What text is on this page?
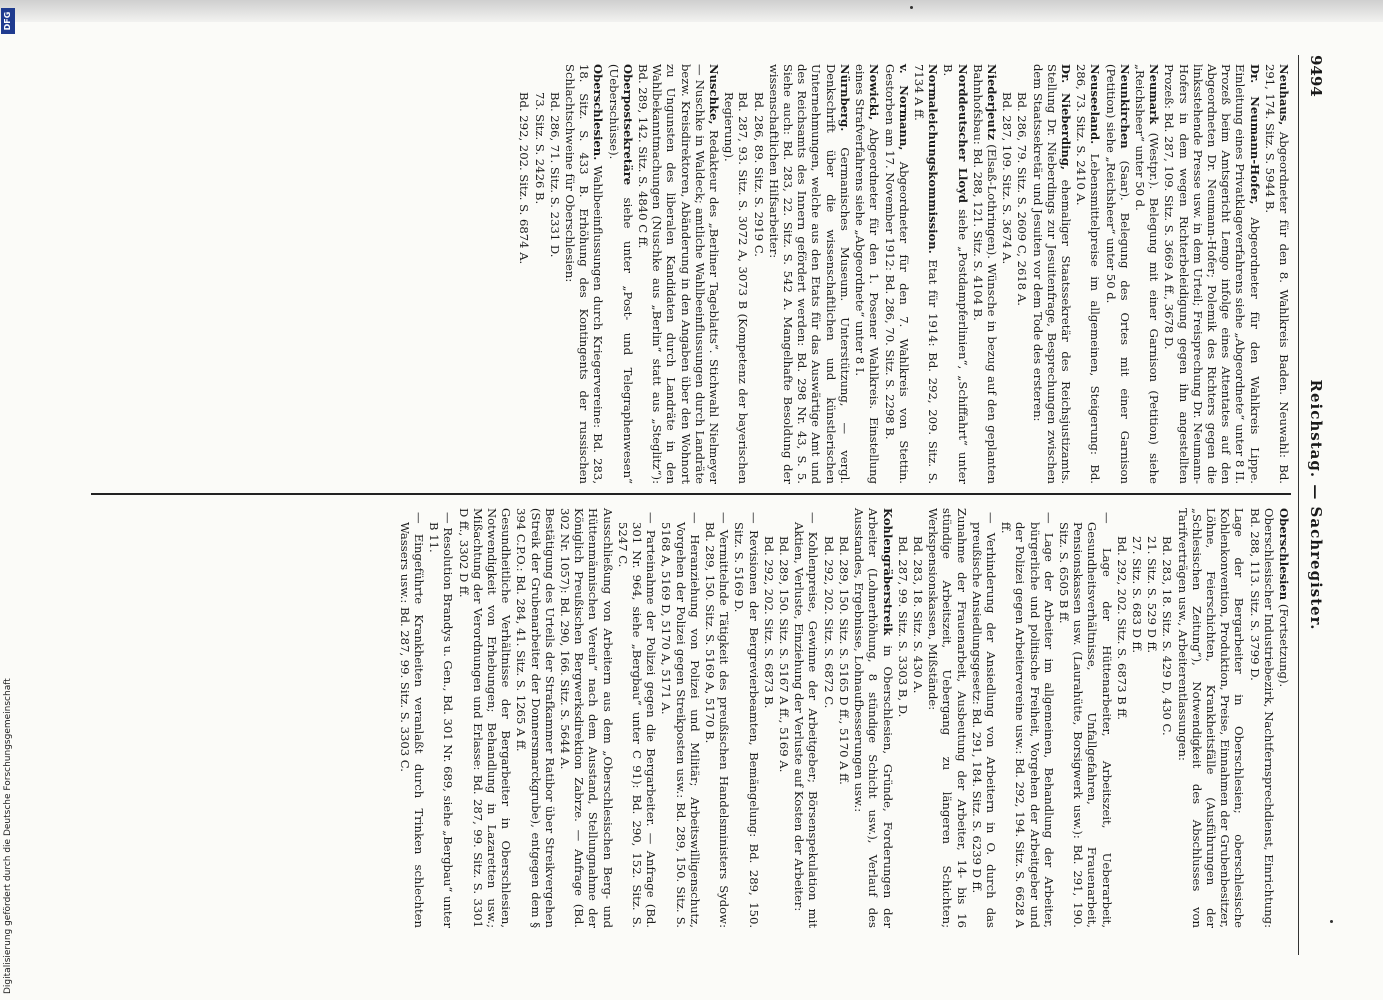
9494
Reichstag. — Sachregister.
Neuhaus, Abgeordneter für den 8. Wahlkreis Baden. Neuwahl: Bd. 291, 174. Sitz. S. 5944 B.
Dr. Neumann-Hofer, Abgeordneter für den Wahlkreis Lippe. Einleitung eines Privatklageverfahrens siehe „Abgeordnete“ unter 8 II. Prozeß beim Amtsgericht Lemgo infolge eines Attentates auf den Abgeordneten Dr. Neumann-Hofer; Polemik des Richters gegen die linksstehende Presse usw. in dem Urteil; Freisprechung Dr. Neumann-Hofers in dem wegen Richterbeleidigung gegen ihn angestellten Prozeß: Bd. 287, 109. Sitz. S. 3669 A ff., 3678 D.
Neumark (Westpr.). Belegung mit einer Garnison (Petition) siehe „Reichsheer“ unter 50 d.
Neunkirchen (Saar). Belegung des Ortes mit einer Garnison (Petition) siehe „Reichsheer“ unter 50 d.
Neuseeland. Lebensmittelpreise im allgemeinen, Steigerung: Bd. 286, 73. Sitz. S. 2410 A.
Dr. Nieberding, ehemaliger Staatssekretär des Reichsjustizamts. Stellung Dr. Nieberdings zur Jesuitenfrage, Besprechungen zwischen dem Staatssekretär und Jesuiten vor dem Tode des ersteren:
Bd. 286, 79. Sitz. S. 2609 C, 2618 A.
Bd. 287, 109. Sitz. S. 3674 A.
Niederjeutz (Elsaß-Lothringen). Wünsche in bezug auf den geplanten Bahnhofsbau: Bd. 288, 121. Sitz. S. 4104 B.
Norddeutscher Lloyd siehe „Postdampferlinien“, „Schiffahrt“ unter B.
Normaleichungskommission. Etat für 1914: Bd. 292, 209. Sitz. S. 7134 A ff.
v. Normann, Abgeordneter für den 7. Wahlkreis von Stettin. Gestorben am 17. November 1912: Bd. 286, 70. Sitz. S. 2298 B.
Nowicki, Abgeordneter für den 1. Posener Wahlkreis. Einstellung eines Strafverfahrens siehe „Abgeordnete“ unter 8 I.
Nürnberg. Germanisches Museum. Unterstützung, — vergl. Denkschrift über die wissenschaftlichen und künstlerischen Unternehmungen, welche aus den Etats für das Auswärtige Amt und des Reichsamts des Innern gefördert werden: Bd. 298 Nr. 43, S. 5. Siehe auch: Bd. 283, 22. Sitz. S. 542 A. Mangelhafte Besoldung der wissenschaftlichen Hilfsarbeiter:
Bd. 286, 89. Sitz. S. 2919 C.
Bd. 287, 93. Sitz. S. 3072 A, 3073 B (Kompetenz der bayerischen Regierung).
Nuschke, Redakteur des „Berliner Tageblatts“. Stichwahl Nielmeyer — Nuschke in Waldeck; amtliche Wahlbeeinflussungen durch Landräte bezw. Kreisdirektoren, Abänderung in den Angaben über den Wohnort zu Ungunsten des liberalen Kandidaten durch Landräte in den Wahlbekanntmachungen (Nuschke aus „Berlin“ statt aus „Steglitz“): Bd. 289, 142. Sitz. S. 4840 C ff.
Oberpostsekretäre siehe unter „Post- und Telegraphenwesen“ (Ueberschüsse).
Oberschlesien. Wahlbeeinflussungen durch Kriegervereine: Bd. 283, 18. Sitz. S. 433 B. Erhöhung des Kontingents der russischen Schlachtschweine für Oberschlesien:
Bd. 286, 71. Sitz. S. 2331 D.
73. Sitz. S. 2426 B.
Bd. 292, 202. Sitz. S. 6874 A.
Oberschlesien (Fortsetzung).
Oberschlesischer Industriebezirk, Nachtfernsprechdienst, Einrichtung: Bd. 288, 113. Sitz. S. 3799 D.
Lage der Bergarbeiter in Oberschlesien; oberschlesische Kohlenkonvention, Produktion, Preise, Einnahmen der Grubenbesitzer, Löhne, Feierschichten, Krankheitsfälle (Ausführungen der „Schlesischen Zeitung“), Notwendigkeit des Abschlusses von Tarifverträgen usw., Arbeiterentlassungen:
Bd. 283, 18. Sitz. S. 429 D, 430 C.
21. Sitz. S. 529 D ff.
27. Sitz. S. 683 D ff.
Bd. 292, 202. Sitz. S. 6873 B ff.
— Lage der Hüttenarbeiter, Arbeitszeit, Ueberarbeit, Gesundheitsverhältnisse, Unfallgefahren, Frauenarbeit, Pensionskassen usw. (Laurahütte, Borsigwerk usw.): Bd. 291, 190. Sitz. S. 6505 B ff.
— Lage der Arbeiter im allgemeinen, Behandlung der Arbeiter, bürgerliche und politische Freiheit, Vorgehen der Arbeitgeber und der Polizei gegen Arbeitervereine usw.: Bd. 292, 194. Sitz. S. 6628 A ff.
— Verhinderung der Ansiedlung von Arbeitern in O. durch das preußische Ansiedlungsgesetz: Bd. 291, 184. Sitz. S. 6239 D ff.
Zunahme der Frauenarbeit, Ausbeutung der Arbeiter, 14- bis 16 stündige Arbeitszeit, Uebergang zu längeren Schichten; Werkspensionskassen, Mißstände:
Bd. 283, 18. Sitz. S. 430 A.
Bd. 287, 99. Sitz. S. 3303 B, D.
Kohlengräberstreik in Oberschlesien, Gründe, Forderungen der Arbeiter (Lohnerhöhung, 8 stündige Schicht usw.), Verlauf des Ausstandes, Ergebnisse, Lohnaufbesserungen usw.:
Bd. 289, 150. Sitz. S. 5165 D ff., 5170 A ff.
Bd. 292, 202. Sitz. S. 6872 C.
— Kohlenpreise, Gewinne der Arbeitgeber; Börsenspekulation mit Aktien, Verluste, Einziehung der Verluste auf Kosten der Arbeiter:
Bd. 289, 150. Sitz. S. 5167 A ff., 5169 A.
Bd. 292, 202. Sitz. S. 6873 B.
— Revisionen der Bergrevierbeamten, Bemängelung: Bd. 289, 150. Sitz. S. 5169 D.
— Vermittelnde Tätigkeit des preußischen Handelsministers Sydow: Bd. 289, 150. Sitz. S. 5169 A, 5170 B.
— Heranziehung von Polizei und Militär; Arbeitswilligenschutz, Vorgehen der Polizei gegen Streikposten usw.: Bd. 289, 150. Sitz. S. 5168 A, 5169 D, 5170 A, 5171 A.
— Parteinahme der Polizei gegen die Bergarbeiter. — Anfrage (Bd. 301 Nr. 964, siehe „Bergbau“ unter C 91): Bd. 290, 152. Sitz. S. 5247 C.
Ausschließung von Arbeitern aus dem „Oberschlesischen Berg- und Hüttenmännischen Verein“ nach dem Ausstand, Stellungnahme der Königlich Preußischen Bergwerksdirektion Zabrze. — Anfrage (Bd. 302 Nr. 1057): Bd. 290, 166. Sitz. S. 5644 A.
Bestätigung des Urteils der Strafkammer Ratibor über Streikvergehen (Streik der Grubenarbeiter der Donnersmarckgrube), entgegen dem § 394 C.P.O.: Bd. 284, 41. Sitz. S. 1265 A ff.
Gesundheitliche Verhältnisse der Bergarbeiter in Oberschlesien, Notwendigkeit von Erhebungen; Behandlung in Lazaretten usw.; Mißachtung der Verordnungen und Erlasse: Bd. 287, 99. Sitz. S. 3301 D ff., 3302 D ff.
— Resolution Brandys u. Gen., Bd. 301 Nr. 689, siehe „Bergbau“ unter B 11.
— Eingeführte Krankheiten veranlaßt durch Trinken schlechten Wassers usw.: Bd. 287, 99. Sitz. S. 3303 C.
Digitalisierung gefördert durch die Deutsche Forschungsgemeinschaft
DFG
